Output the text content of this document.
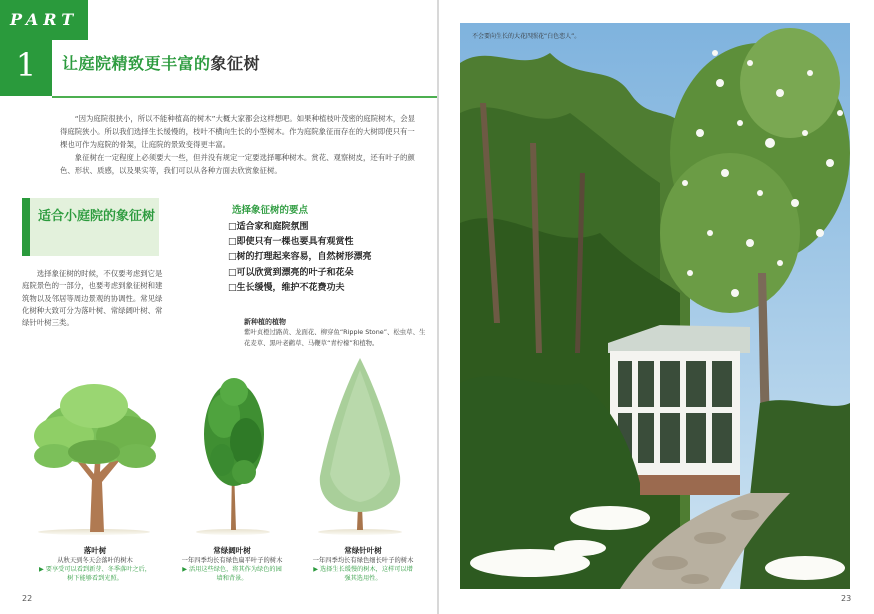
PART
1	让庭院精致更丰富的象征树

“因为庭院很狭小，所以不能种植高的树木”大概大家都会这样想吧。如果种植枝叶茂密的庭院树木，会显得庭院狭小。所以我们选择生长缓慢的，枝叶不横向生长的小型树木。作为庭院象征而存在的大树即使只有一棵也可作为庭院的骨架，让庭院的景致变得更丰富。

象征树在一定程度上必须要大一些，但并没有规定一定要选择哪种树木。赏花、观察树皮，还有叶子的颜色、形状、质感，以及果实等，我们可以从各种方面去欣赏象征树。

适合小庭院的象征树

选择象征树的时候，不仅要考虑到它是庭院景色的一部分，也要考虑到象征树和建筑物以及邻居等周边景观的协调性。常见绿化树种大致可分为落叶树、常绿阔叶树、常绿针叶树三类。

选择象征树的要点
□适合家和庭院氛围
□即使只有一棵也要具有观赏性
□树的打理起来容易，自然树形漂亮
□可以欣赏到漂亮的叶子和花朵
□生长缓慢，维护不花费功夫
新种植的植物

紫叶贞橙过路黄、龙面花、柳穿鱼“Ripple Stone”、松虫草、生花麦草、黑叶老鹳草、马鞭草“青柠檬”和植物。

落叶树
从秋天到冬天会落叶的树木
▶ 要享受可以看到新芽、冬季落叶之后，
树下能够看到光照。
常绿阔叶树
一年四季均长有绿色扁平叶子的树木
▶ 活用这些绿色，将其作为绿色的园
墙和背景。
常绿针叶树
一年四季均长有绿色细长叶子的树木
▶ 选择生长缓慢的树木，这样可以增
强其选用性。
22
不会要向生长的大花四照花“白色恋人”。
23
